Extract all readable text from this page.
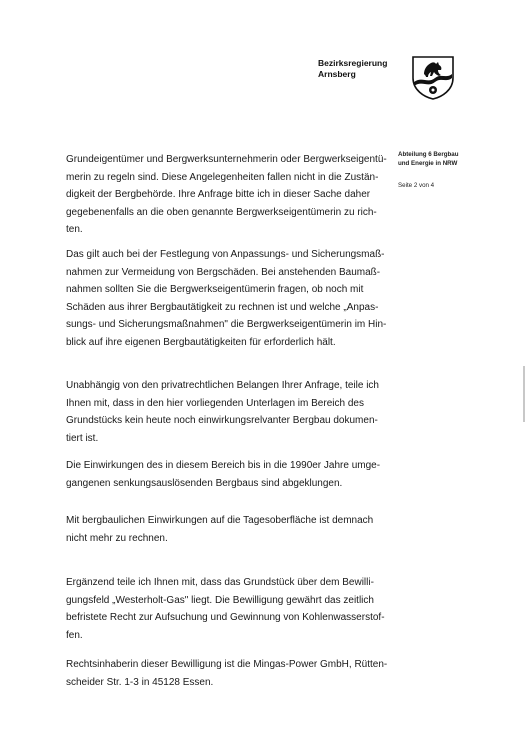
Bezirksregierung
Arnsberg
Abteilung 6 Bergbau
und Energie in NRW
Seite 2 von 4

Grundeigentümer und Bergwerksunternehmerin oder Bergwerkseigentü-
merin zu regeln sind. Diese Angelegenheiten fallen nicht in die Zustän-
digkeit der Bergbehörde. Ihre Anfrage bitte ich in dieser Sache daher
gegebenenfalls an die oben genannte Bergwerkseigentümerin zu rich-
ten.

Das gilt auch bei der Festlegung von Anpassungs- und Sicherungsmaß-
nahmen zur Vermeidung von Bergschäden. Bei anstehenden Baumaß-
nahmen sollten Sie die Bergwerkseigentümerin fragen, ob noch mit
Schäden aus ihrer Bergbautätigkeit zu rechnen ist und welche „Anpas-
sungs- und Sicherungsmaßnahmen" die Bergwerkseigentümerin im Hin-
blick auf ihre eigenen Bergbautätigkeiten für erforderlich hält.

Unabhängig von den privatrechtlichen Belangen Ihrer Anfrage, teile ich
Ihnen mit, dass in den hier vorliegenden Unterlagen im Bereich des
Grundstücks kein heute noch einwirkungsrelvanter Bergbau dokumen-
tiert ist.

Die Einwirkungen des in diesem Bereich bis in die 1990er Jahre umge-
gangenen senkungsauslösenden Bergbaus sind abgeklungen.

Mit bergbaulichen Einwirkungen auf die Tagesoberfläche ist demnach
nicht mehr zu rechnen.

Ergänzend teile ich Ihnen mit, dass das Grundstück über dem Bewilli-
gungsfeld „Westerholt-Gas" liegt. Die Bewilligung gewährt das zeitlich
befristete Recht zur Aufsuchung und Gewinnung von Kohlenwasserstof-
fen.

Rechtsinhaberin dieser Bewilligung ist die Mingas-Power GmbH, Rütten-
scheider Str. 1-3 in 45128 Essen.
